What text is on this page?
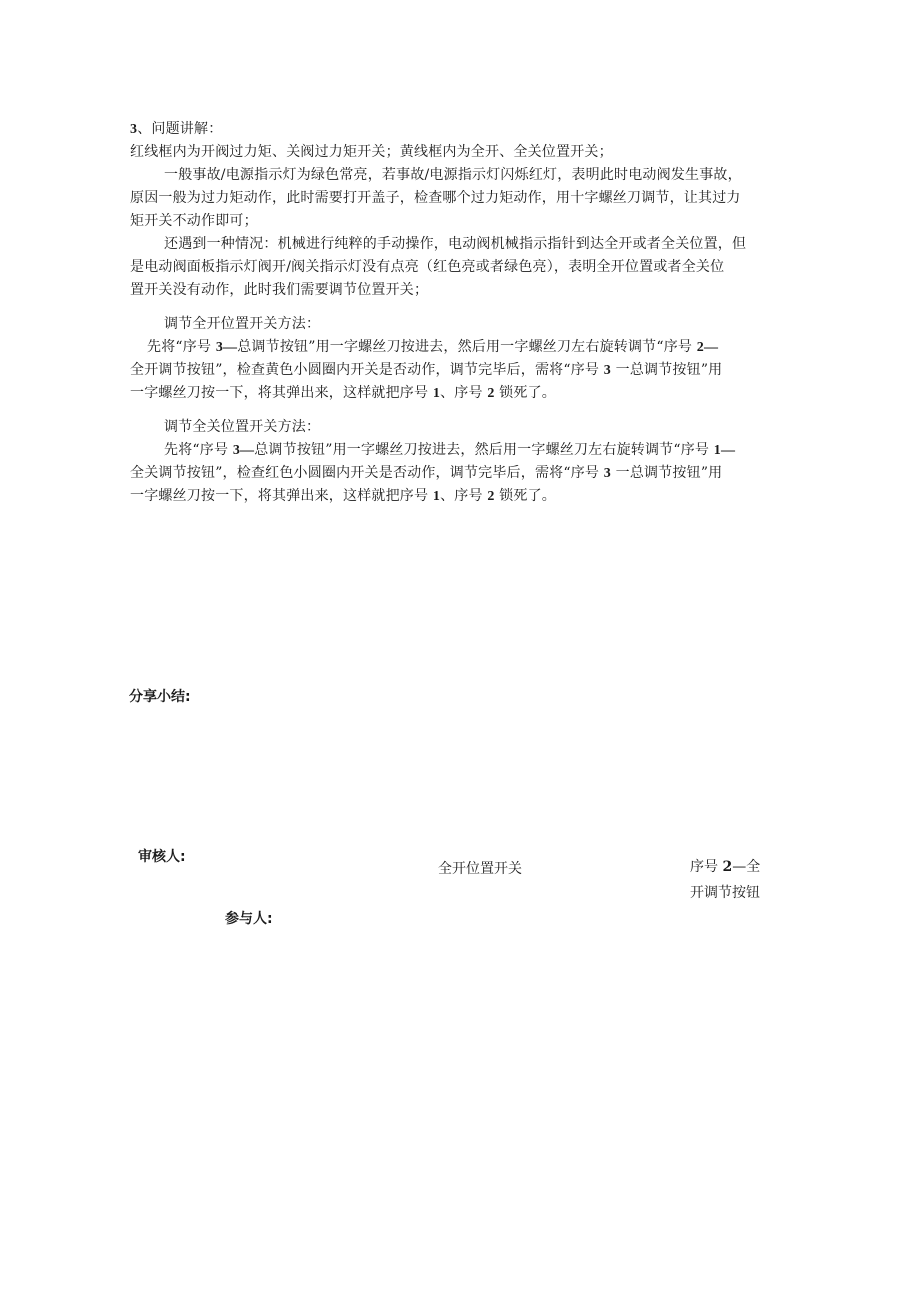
3、问题讲解：
红线框内为开阀过力矩、关阀过力矩开关；黄线框内为全开、全关位置开关；
一般事故/电源指示灯为绿色常亮，若事故/电源指示灯闪烁红灯，表明此时电动阀发生事故，
原因一般为过力矩动作，此时需要打开盖子，检查哪个过力矩动作，用十字螺丝刀调节，让其过力
矩开关不动作即可；
还遇到一种情况：机械进行纯粹的手动操作，电动阀机械指示指针到达全开或者全关位置，但
是电动阀面板指示灯阀开/阀关指示灯没有点亮（红色亮或者绿色亮），表明全开位置或者全关位
置开关没有动作，此时我们需要调节位置开关；
调节全开位置开关方法：
先将“序号 3—总调节按钮”用一字螺丝刀按进去，然后用一字螺丝刀左右旋转调节“序号 2—
全开调节按钮”，检查黄色小圆圈内开关是否动作，调节完毕后，需将“序号 3 一总调节按钮”用
一字螺丝刀按一下，将其弹出来，这样就把序号 1、序号 2 锁死了。
调节全关位置开关方法：
先将“序号 3—总调节按钮”用一字螺丝刀按进去，然后用一字螺丝刀左右旋转调节“序号 1—
全关调节按钮”，检查红色小圆圈内开关是否动作，调节完毕后，需将“序号 3 一总调节按钮”用
一字螺丝刀按一下，将其弹出来，这样就把序号 1、序号 2 锁死了。
分享小结:
审核人:
参与人:
全开位置开关	序号 2—全
开调节按钮
